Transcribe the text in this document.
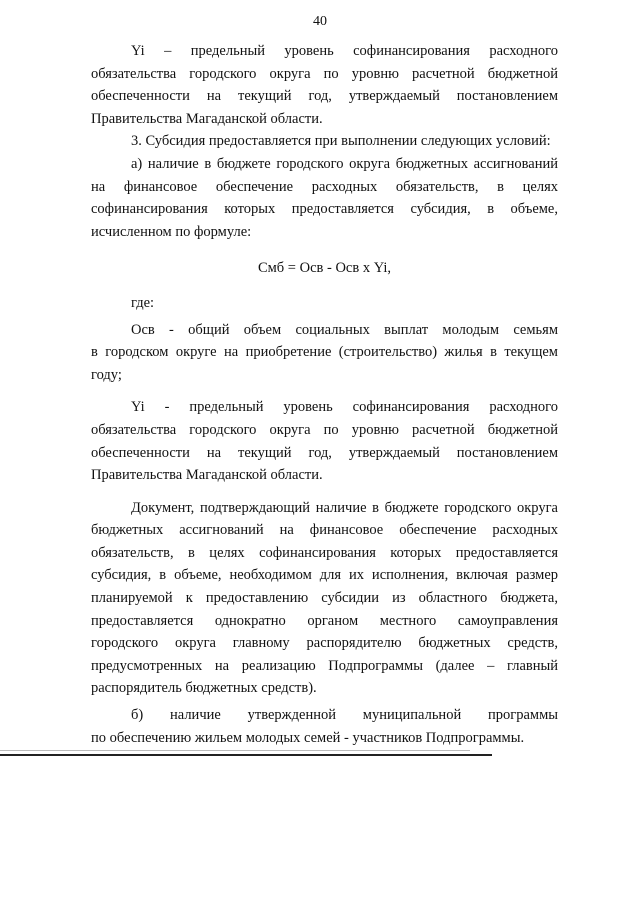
40

Yi – предельный уровень софинансирования расходного

обязательства городского округа по уровню расчетной бюджетной

обеспеченности на текущий год, утверждаемый постановлением

Правительства Магаданской области.

3. Субсидия предоставляется при выполнении следующих условий:

а) наличие в бюджете городского округа бюджетных ассигнований

на финансовое обеспечение расходных обязательств, в целях

софинансирования которых предоставляется субсидия, в объеме,

исчисленном по формуле:

Смб = Осв - Осв х Yi,

где:

Осв - общий объем социальных выплат молодым семьям

в городском округе на приобретение (строительство) жилья в текущем

году;

Yi - предельный уровень софинансирования расходного

обязательства городского округа по уровню расчетной бюджетной

обеспеченности на текущий год, утверждаемый постановлением

Правительства Магаданской области.

Документ, подтверждающий наличие в бюджете городского округа

бюджетных ассигнований на финансовое обеспечение расходных

обязательств, в целях софинансирования которых предоставляется

субсидия, в объеме, необходимом для их исполнения, включая размер

планируемой к предоставлению субсидии из областного бюджета,

предоставляется однократно органом местного самоуправления

городского округа главному распорядителю бюджетных средств,

предусмотренных на реализацию Подпрограммы (далее – главный

распорядитель бюджетных средств).

б) наличие утвержденной муниципальной программы

по обеспечению жильем молодых семей - участников Подпрограммы.
